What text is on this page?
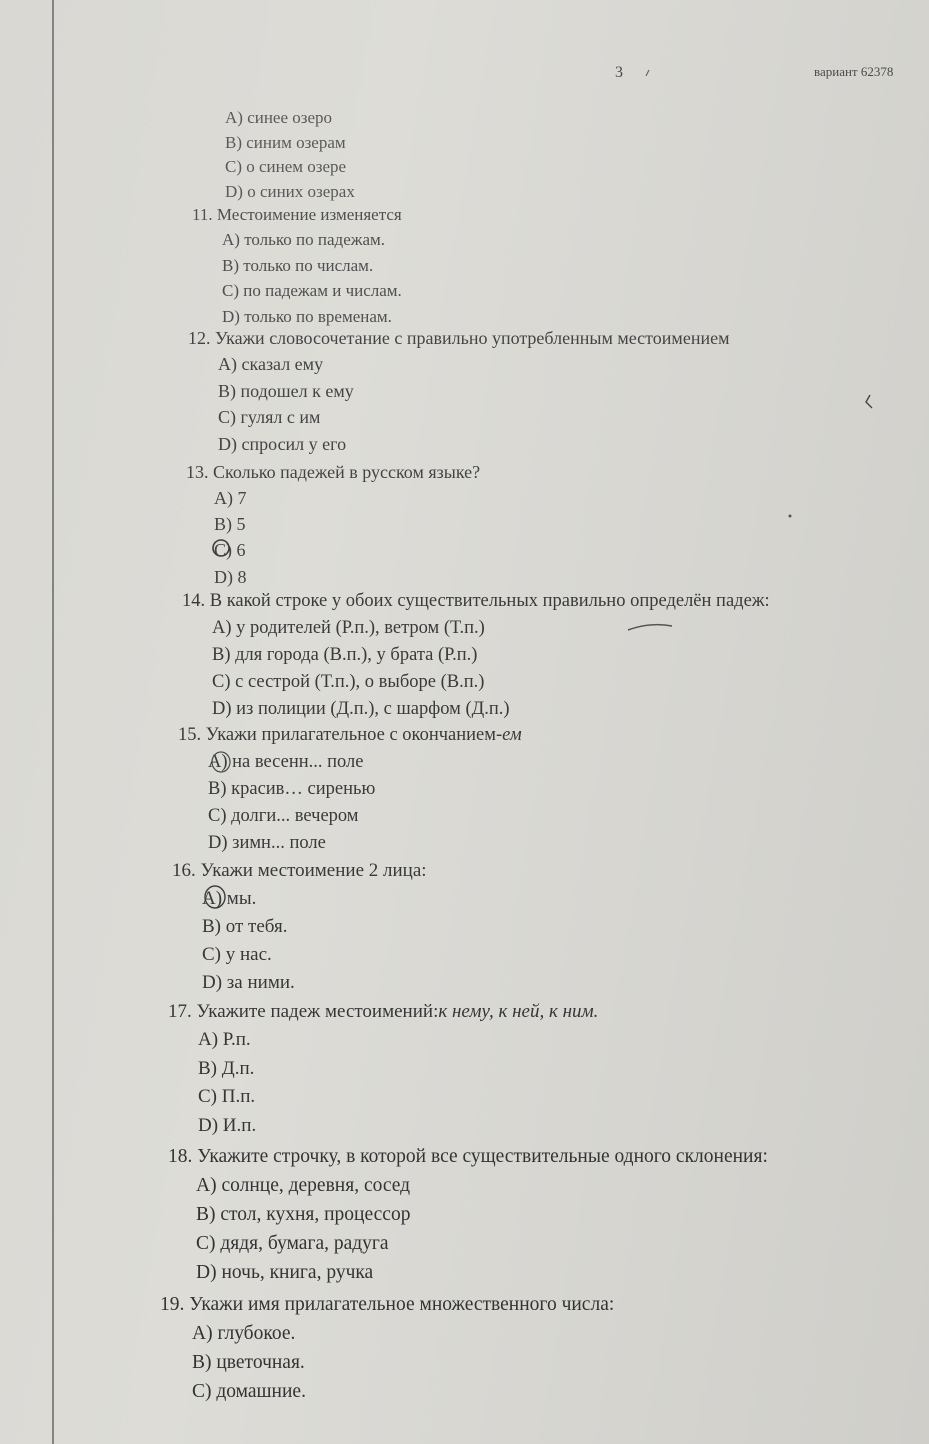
3	вариант 62378
A) синее озеро
B) синим озерам
C) о синем озере
D) о синих озерах
11. Местоимение изменяется
A) только по падежам.
B) только по числам.
C) по падежам и числам.
D) только по временам.
12. Укажи словосочетание с правильно употребленным местоимением
A) сказал ему
B) подошел к ему
C) гулял с им
D) спросил у его
13. Сколько падежей в русском языке?
A) 7
B) 5
C) 6
D) 8
14. В какой строке у обоих существительных правильно определён падеж:
A) у родителей (Р.п.), ветром (Т.п.)
B) для города (В.п.), у брата (Р.п.)
C) с сестрой (Т.п.), о выборе (В.п.)
D) из полиции (Д.п.), с шарфом (Д.п.)
15. Укажи прилагательное с окончанием-ем
A) на весенн... поле
B) красив… сиренью
C) долги... вечером
D) зимн... поле
16. Укажи местоимение 2 лица:
A) мы.
B) от тебя.
C) у нас.
D) за ними.
17. Укажите падеж местоимений:к нему, к ней, к ним.
A) Р.п.
B) Д.п.
C) П.п.
D) И.п.
18. Укажите строчку, в которой все существительные одного склонения:
A) солнце, деревня, сосед
B) стол, кухня, процессор
C) дядя, бумага, радуга
D) ночь, книга, ручка
19. Укажи имя прилагательное множественного числа:
A) глубокое.
B) цветочная.
C) домашние.
